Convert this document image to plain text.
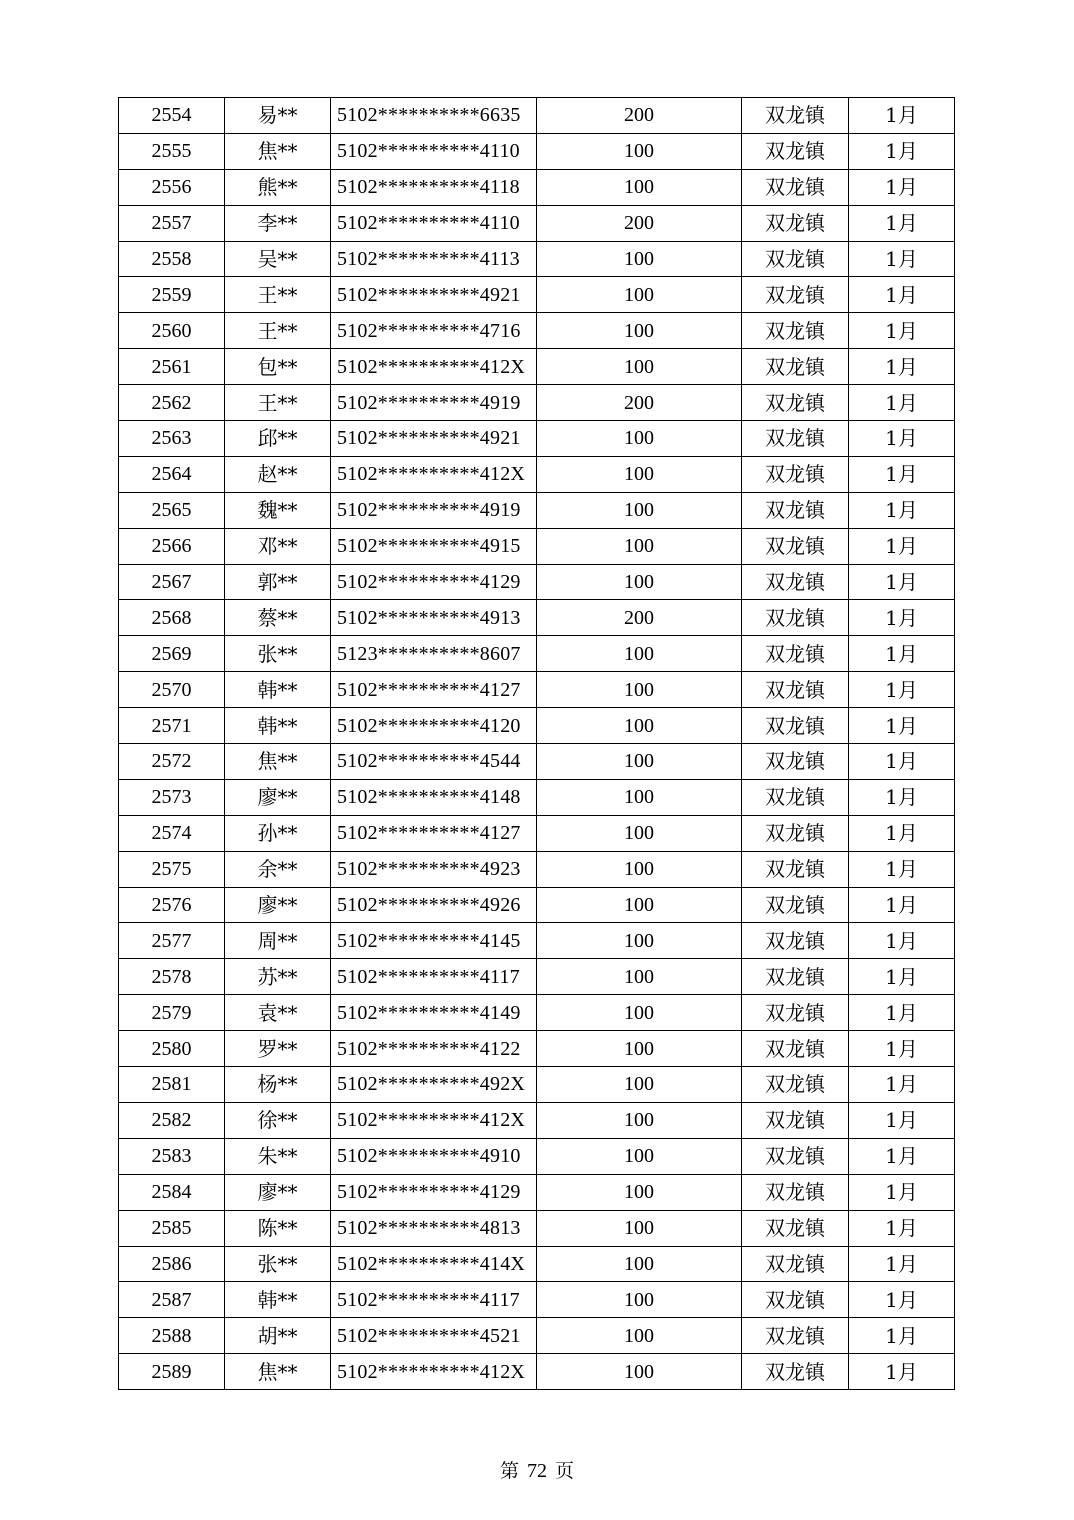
2554	易**	5102**********6635	200	双龙镇	1月
2555	焦**	5102**********4110	100	双龙镇	1月
2556	熊**	5102**********4118	100	双龙镇	1月
2557	李**	5102**********4110	200	双龙镇	1月
2558	吴**	5102**********4113	100	双龙镇	1月
2559	王**	5102**********4921	100	双龙镇	1月
2560	王**	5102**********4716	100	双龙镇	1月
2561	包**	5102**********412X	100	双龙镇	1月
2562	王**	5102**********4919	200	双龙镇	1月
2563	邱**	5102**********4921	100	双龙镇	1月
2564	赵**	5102**********412X	100	双龙镇	1月
2565	魏**	5102**********4919	100	双龙镇	1月
2566	邓**	5102**********4915	100	双龙镇	1月
2567	郭**	5102**********4129	100	双龙镇	1月
2568	蔡**	5102**********4913	200	双龙镇	1月
2569	张**	5123**********8607	100	双龙镇	1月
2570	韩**	5102**********4127	100	双龙镇	1月
2571	韩**	5102**********4120	100	双龙镇	1月
2572	焦**	5102**********4544	100	双龙镇	1月
2573	廖**	5102**********4148	100	双龙镇	1月
2574	孙**	5102**********4127	100	双龙镇	1月
2575	余**	5102**********4923	100	双龙镇	1月
2576	廖**	5102**********4926	100	双龙镇	1月
2577	周**	5102**********4145	100	双龙镇	1月
2578	苏**	5102**********4117	100	双龙镇	1月
2579	袁**	5102**********4149	100	双龙镇	1月
2580	罗**	5102**********4122	100	双龙镇	1月
2581	杨**	5102**********492X	100	双龙镇	1月
2582	徐**	5102**********412X	100	双龙镇	1月
2583	朱**	5102**********4910	100	双龙镇	1月
2584	廖**	5102**********4129	100	双龙镇	1月
2585	陈**	5102**********4813	100	双龙镇	1月
2586	张**	5102**********414X	100	双龙镇	1月
2587	韩**	5102**********4117	100	双龙镇	1月
2588	胡**	5102**********4521	100	双龙镇	1月
2589	焦**	5102**********412X	100	双龙镇	1月
第 72 页
